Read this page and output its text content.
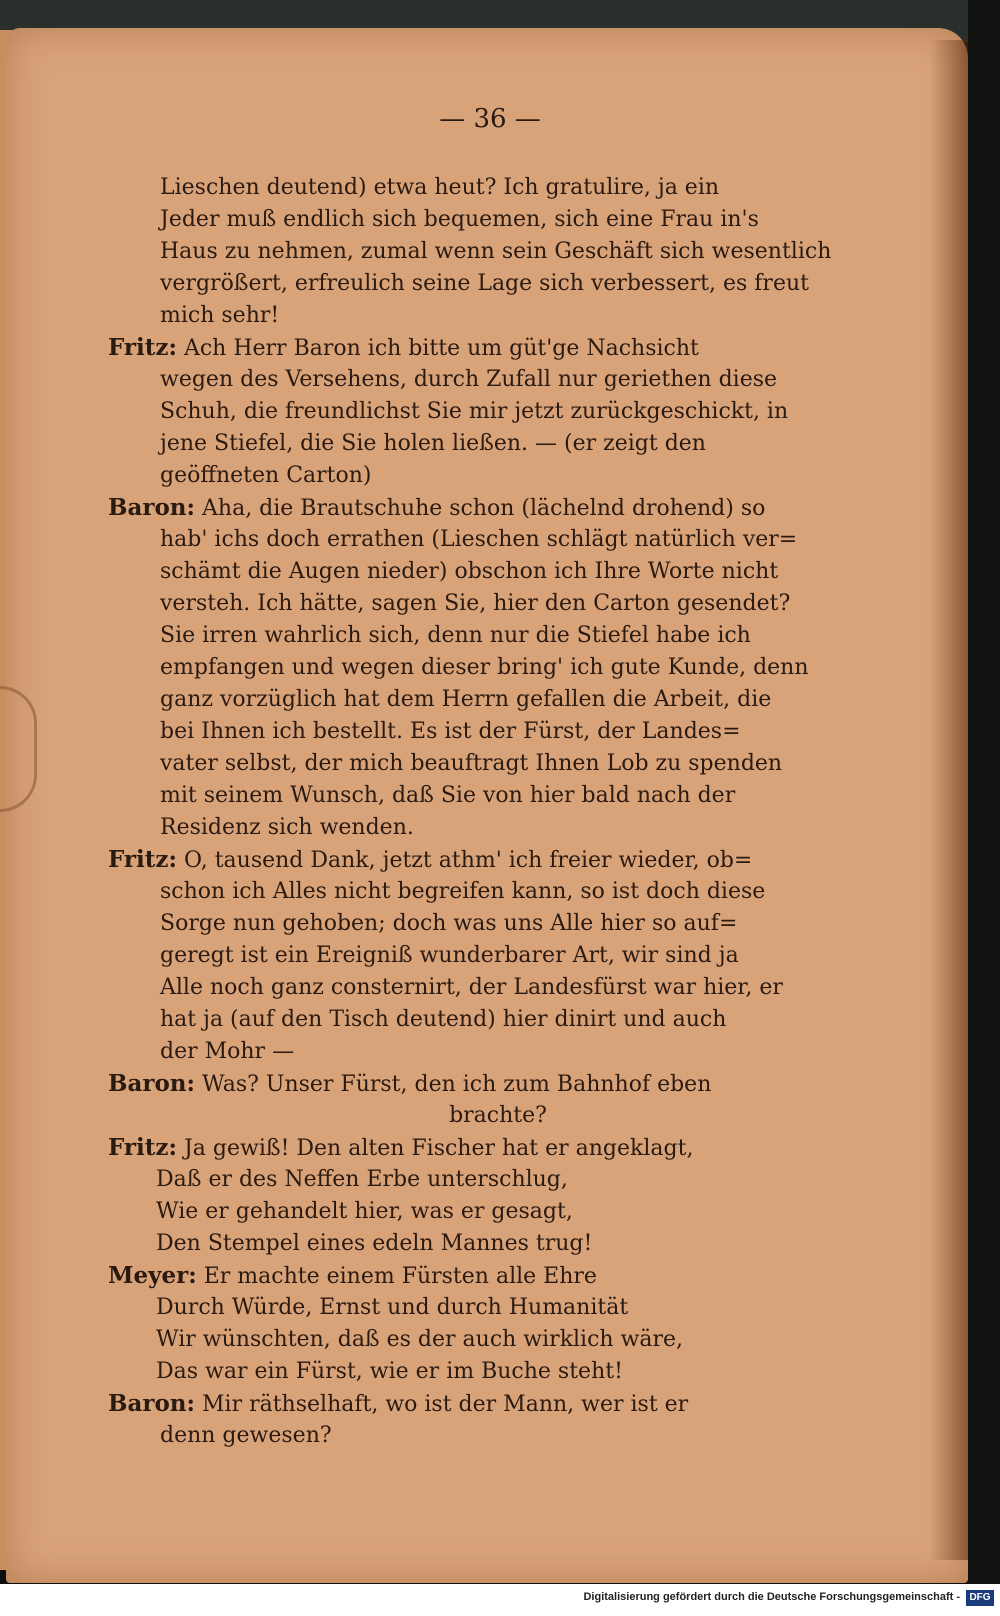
— 36 —
Lieschen deutend) etwa heut? Ich gratulire, ja ein
Jeder muß endlich sich bequemen, sich eine Frau in's
Haus zu nehmen, zumal wenn sein Geschäft sich wesentlich
vergrößert, erfreulich seine Lage sich verbessert, es freut
mich sehr!
Fritz: Ach Herr Baron ich bitte um güt'ge Nachsicht
wegen des Versehens, durch Zufall nur geriethen diese
Schuh, die freundlichst Sie mir jetzt zurückgeschickt, in
jene Stiefel, die Sie holen ließen. — (er zeigt den
geöffneten Carton)
Baron: Aha, die Brautschuhe schon (lächelnd drohend) so
hab' ichs doch errathen (Lieschen schlägt natürlich ver=
schämt die Augen nieder) obschon ich Ihre Worte nicht
versteh. Ich hätte, sagen Sie, hier den Carton gesendet?
Sie irren wahrlich sich, denn nur die Stiefel habe ich
empfangen und wegen dieser bring' ich gute Kunde, denn
ganz vorzüglich hat dem Herrn gefallen die Arbeit, die
bei Ihnen ich bestellt. Es ist der Fürst, der Landes=
vater selbst, der mich beauftragt Ihnen Lob zu spenden
mit seinem Wunsch, daß Sie von hier bald nach der
Residenz sich wenden.
Fritz: O, tausend Dank, jetzt athm' ich freier wieder, ob=
schon ich Alles nicht begreifen kann, so ist doch diese
Sorge nun gehoben; doch was uns Alle hier so auf=
geregt ist ein Ereigniß wunderbarer Art, wir sind ja
Alle noch ganz consternirt, der Landesfürst war hier, er
hat ja (auf den Tisch deutend) hier dinirt und auch
der Mohr —
Baron: Was? Unser Fürst, den ich zum Bahnhof eben
brachte?
Fritz: Ja gewiß! Den alten Fischer hat er angeklagt,
Daß er des Neffen Erbe unterschlug,
Wie er gehandelt hier, was er gesagt,
Den Stempel eines edeln Mannes trug!
Meyer: Er machte einem Fürsten alle Ehre
Durch Würde, Ernst und durch Humanität
Wir wünschten, daß es der auch wirklich wäre,
Das war ein Fürst, wie er im Buche steht!
Baron: Mir räthselhaft, wo ist der Mann, wer ist er
denn gewesen?
Digitalisierung gefördert durch die Deutsche Forschungsgemeinschaft - DFG
